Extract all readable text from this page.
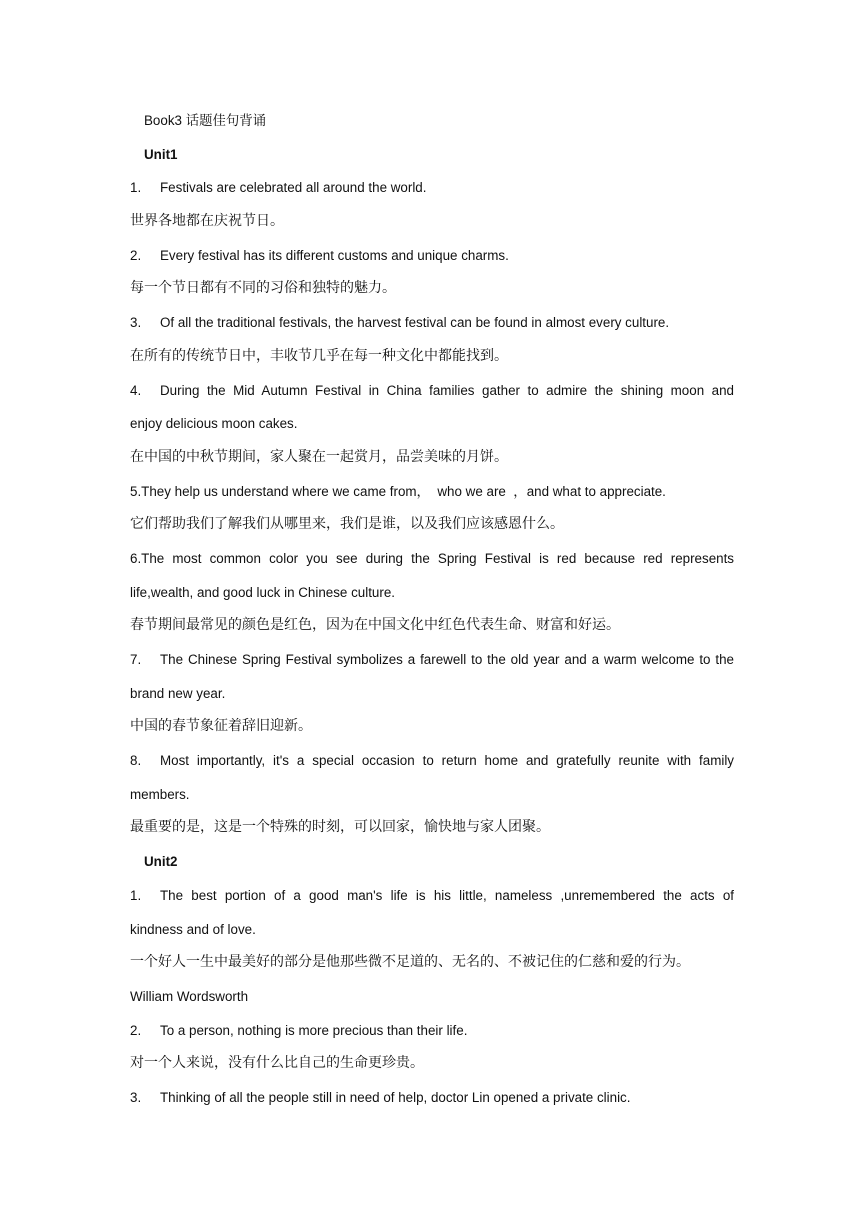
Book3 话题佳句背诵
Unit1
1.	Festivals are celebrated all around the world.
世界各地都在庆祝节日。
2.	Every festival has its different customs and unique charms.
每一个节日都有不同的习俗和独特的魅力。
3.	Of all the traditional festivals, the harvest festival can be found in almost every culture.
在所有的传统节日中，丰收节几乎在每一种文化中都能找到。
4.	During the Mid Autumn Festival in China families gather to admire the shining moon and
enjoy delicious moon cakes.
在中国的中秋节期间，家人聚在一起赏月，品尝美味的月饼。
5.They help us understand where we came from，  who we are  ，and what to appreciate.
它们帮助我们了解我们从哪里来，我们是谁，以及我们应该感恩什么。
6.The most common color you see during the Spring Festival is red because red represents
life,wealth, and good luck in Chinese culture.
春节期间最常见的颜色是红色，因为在中国文化中红色代表生命、财富和好运。
7.	The Chinese Spring Festival symbolizes a farewell to the old year and a warm welcome to the
brand new year.
中国的春节象征着辞旧迎新。
8.	Most importantly, it's a special occasion to return home and gratefully reunite with family
members.
最重要的是，这是一个特殊的时刻，可以回家，愉快地与家人团聚。
Unit2
1.	The best portion of a good man's life is his little, nameless ,unremembered the acts of
kindness and of love.
一个好人一生中最美好的部分是他那些微不足道的、无名的、不被记住的仁慈和爱的行为。
William Wordsworth
2.	To a person, nothing is more precious than their life.
对一个人来说，没有什么比自己的生命更珍贵。
3.	Thinking of all the people still in need of help, doctor Lin opened a private clinic.
